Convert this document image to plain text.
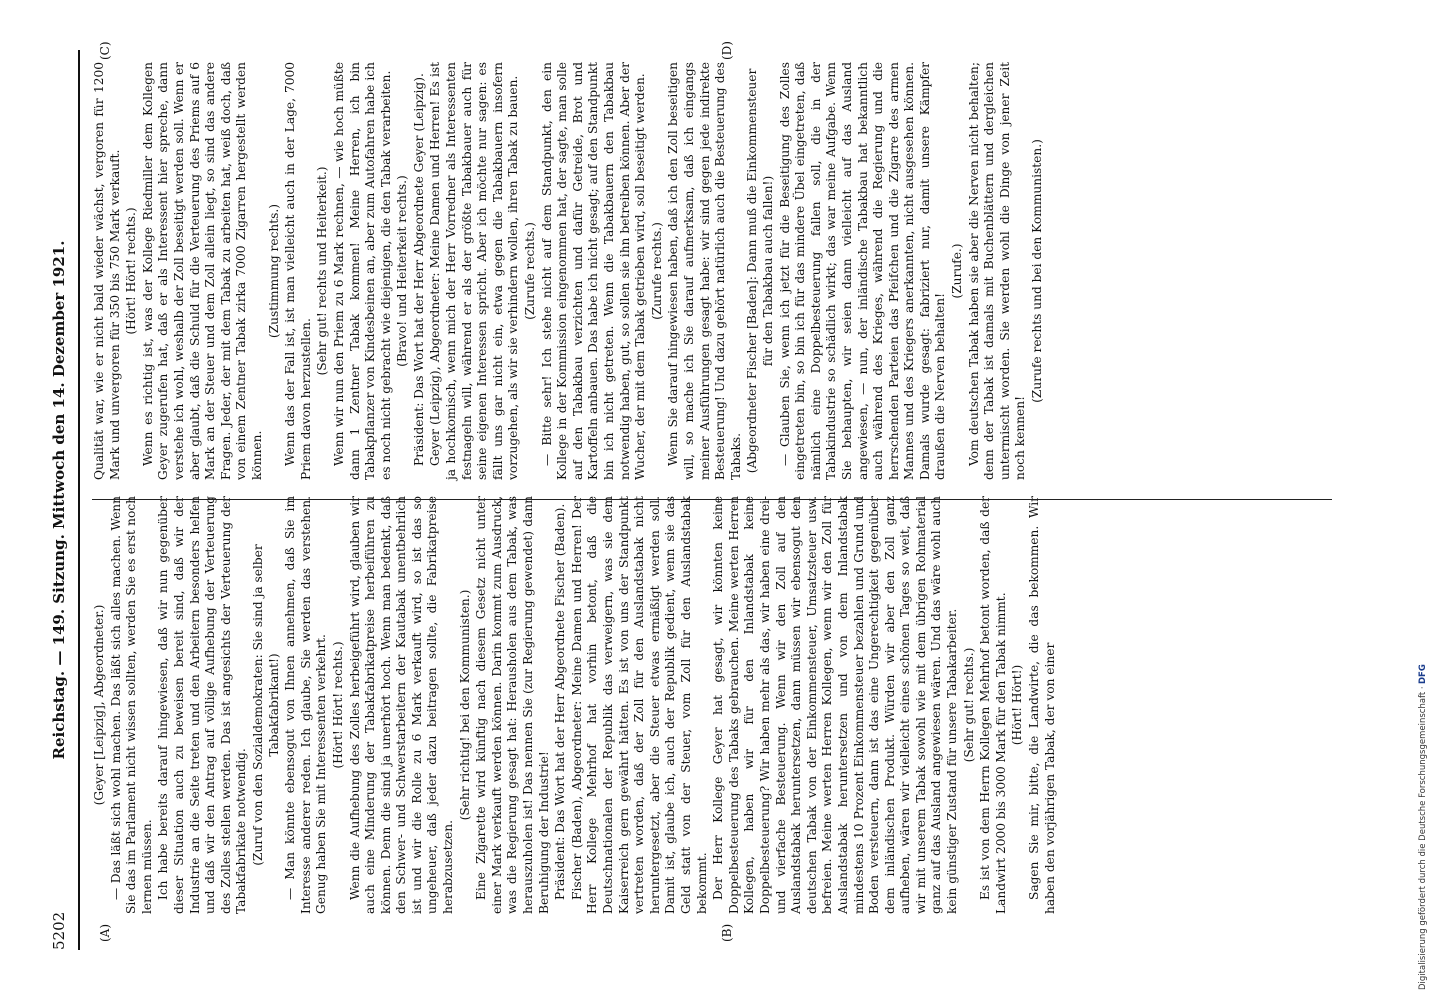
5202
Reichstag. — 149. Sitzung. Mittwoch den 14. Dezember 1921.
(A)	(B)
(C)	(D)

(Geyer [Leipzig], Abgeordneter.) — Das läßt sich wohl machen. Das läßt sich alles machen. Wenn Sie das im Parlament nicht wissen sollten, werden Sie es erst noch lernen müssen. Ich habe bereits darauf hingewiesen, daß wir nun gegenüber dieser Situation auch zu beweisen bereit sind, daß wir der Industrie an die Seite treten und den Arbeitern besonders helfen und daß wir den Antrag auf völlige Aufhebung der Verteuerung des Zolles stellen werden. Das ist angesichts der Verteuerung der Tabakfabrikate notwendig. (Zuruf von den Sozialdemokraten: Sie sind ja selber Tabakfabrikant!) — Man könnte ebensogut von Ihnen annehmen, daß Sie im Interesse anderer reden. Ich glaube, Sie werden das verstehen. Genug haben Sie mit Interessenten verkehrt. (Hört! Hört! rechts.) Wenn die Aufhebung des Zolles herbeigeführt wird, glauben wir auch eine Minderung der Tabakfabrikatpreise herbeiführen zu können. Denn die sind ja unerhört hoch. Wenn man bedenkt, daß den Schwer- und Schwerstarbeitern der Kautabak unentbehrlich ist und wir die Rolle zu 6 Mark verkauft wird, so ist das so ungeheuer, daß jeder dazu beitragen sollte, die Fabrikatpreise herabzusetzen.

(Sehr richtig! bei den Kommunisten.) Eine Zigarette wird künftig nach diesem Gesetz nicht unter einer Mark verkauft werden können. Darin kommt zum Ausdruck, was die Regierung gesagt hat: Herausholen aus dem Tabak, was herauszuholen ist! Das nennen Sie (zur Regierung gewendet) dann Beruhigung der Industrie! Präsident: Das Wort hat der Herr Abgeordnete Fischer (Baden). Fischer (Baden), Abgeordneter: Meine Damen und Herren! Der Herr Kollege Mehrhof hat vorhin betont, daß die Deutschnationalen der Republik das verweigern, was sie dem Kaiserreich gern gewährt hätten. Es ist von uns der Standpunkt vertreten worden, daß der Zoll für den Auslandstabak nicht heruntergesetzt, aber die Steuer etwas ermäßigt werden soll. Damit ist, glaube ich, auch der Republik gedient, wenn sie das Geld statt von der Steuer, vom Zoll für den Auslandstabak bekommt. Der Herr Kollege Geyer hat gesagt, wir könnten keine Doppelbesteuerung des Tabaks gebrauchen. Meine werten Herren Kollegen, haben wir für den Inlandstabak keine Doppelbesteuerung? Wir haben mehr als das, wir haben eine drei- und vierfache Besteuerung. Wenn wir den Zoll auf den Auslandstabak heruntersetzen, dann müssen wir ebensogut den deutschen Tabak von der Einkommensteuer, Umsatzsteuer usw. befreien. Meine werten Herren Kollegen, wenn wir den Zoll für Auslandstabak heruntersetzen und von dem Inlandstabak mindestens 10 Prozent Einkommensteuer bezahlen und Grund und Boden versteuern, dann ist das eine Ungerechtigkeit gegenüber dem inländischen Produkt. Würden wir aber den Zoll ganz aufheben, wären wir vielleicht eines schönen Tages so weit, daß wir mit unserem Tabak sowohl wie mit dem übrigen Rohmaterial ganz auf das Ausland angewiesen wären. Und das wäre wohl auch kein günstiger Zustand für unsere Tabakarbeiter. (Sehr gut! rechts.) Es ist von dem Herrn Kollegen Mehrhof betont worden, daß der Landwirt 2000 bis 3000 Mark für den Tabak nimmt. (Hört! Hört!) Sagen Sie mir, bitte, die Landwirte, die das bekommen. Wir haben den vorjährigen Tabak, der von einer

Qualität war, wie er nicht bald wieder wächst, vergoren für 1200 Mark und unvergoren für 350 bis 750 Mark verkauft. (Hört! Hört! rechts.) Wenn es richtig ist, was der Kollege Riedmiller dem Kollegen Geyer zugerufen hat, daß er als Interessent hier spreche, dann verstehe ich wohl, weshalb der Zoll beseitigt werden soll. Wenn er aber glaubt, daß die Schuld für die Verteuerung des Priems auf 6 Mark an der Steuer und dem Zoll allein liegt, so sind das andere Fragen. Jeder, der mit dem Tabak zu arbeiten hat, weiß doch, daß von einem Zentner Tabak zirka 7000 Zigarren hergestellt werden können.

(Zustimmung rechts.) Wenn das der Fall ist, ist man vielleicht auch in der Lage, 7000 Priem davon herzustellen.

(Sehr gut! rechts und Heiterkeit.) Wenn wir nun den Priem zu 6 Mark rechnen, — wie hoch müßte dann 1 Zentner Tabak kommen! Meine Herren, ich bin Tabakpflanzer von Kindesbeinen an, aber zum Autofahren habe ich es noch nicht gebracht wie diejenigen, die den Tabak verarbeiten. (Bravo! und Heiterkeit rechts.) Präsident: Das Wort hat der Herr Abgeordnete Geyer (Leipzig). Geyer (Leipzig), Abgeordneter: Meine Damen und Herren! Es ist ja hochkomisch, wenn mich der Herr Vorredner als Interessenten festnageln will, während er als der größte Tabakbauer auch für seine eigenen Interessen spricht. Aber ich möchte nur sagen: es fällt uns gar nicht ein, etwa gegen die Tabakbauern insofern vorzugehen, als wir sie verhindern wollen, ihren Tabak zu bauen. (Zurufe rechts.) — Bitte sehr! Ich stehe nicht auf dem Standpunkt, den ein Kollege in der Kommission eingenommen hat, der sagte, man solle auf den Tabakbau verzichten und dafür Getreide, Brot und Kartoffeln anbauen. Das habe ich nicht gesagt; auf den Standpunkt bin ich nicht getreten. Wenn die Tabakbauern den Tabakbau notwendig haben, gut, so sollen sie ihn betreiben können. Aber der Wucher, der mit dem Tabak getrieben wird, soll beseitigt werden. (Zurufe rechts.) Wenn Sie darauf hingewiesen haben, daß ich den Zoll beseitigen will, so mache ich Sie darauf aufmerksam, daß ich eingangs meiner Ausführungen gesagt habe: wir sind gegen jede indirekte Besteuerung! Und dazu gehört natürlich auch die Besteuerung des Tabaks. (Abgeordneter Fischer [Baden]: Dann muß die Einkommensteuer für den Tabakbau auch fallen!) — Glauben Sie, wenn ich jetzt für die Beseitigung des Zolles eingetreten bin, so bin ich für das mindere Übel eingetreten, daß nämlich eine Doppelbesteuerung fallen soll, die in der Tabakindustrie so schädlich wirkt; das war meine Aufgabe. Wenn Sie behaupten, wir seien dann vielleicht auf das Ausland angewiesen, — nun, der inländische Tabakbau hat bekanntlich auch während des Krieges, während die Regierung und die herrschenden Parteien das Pfeifchen und die Zigarre des armen Mannes und des Kriegers anerkannten, nicht ausgesehen können. Damals wurde gesagt: fabriziert nur, damit unsere Kämpfer draußen die Nerven behalten!

(Zurufe.) Vom deutschen Tabak haben sie aber die Nerven nicht behalten; denn der Tabak ist damals mit Buchenblättern und dergleichen untermischt worden. Sie werden wohl die Dinge von jener Zeit noch kennen!

(Zurufe rechts und bei den Kommunisten.)

Digitalisierung gefördert durch die Deutsche Forschungsgemeinschaft · DFG
